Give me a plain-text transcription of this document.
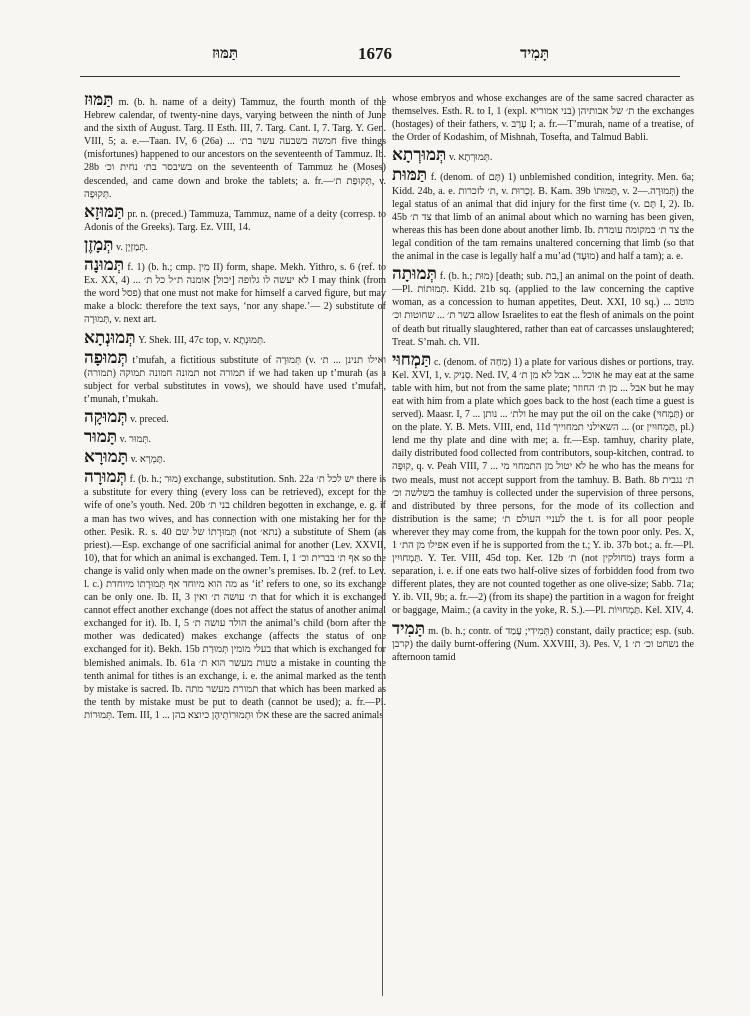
1676
תַּמּוּז	תָּמִיד

תַּמּוּז m. (b. h. name of a deity) Tammuz, the fourth month of the Hebrew calendar, of twenty-nine days, varying between the ninth of June and the sixth of August. Targ. II Esth. III, 7. Targ. Cant. I, 7. Targ. Y. Gen. VIII, 5; a. e.—Taan. IV, 6 (26a) ... חמשה בשבעה עשר בת׳ five things (misfortunes) happened to our ancestors on the seventeenth of Tammuz. Ib. 28b בשיבסר בת׳ נחית וכ׳ on the seventeenth of Tammuz he (Moses) descended, and came down and broke the tablets; a. fr.—תְּקוּפַת ת׳, v. תְּקוּפָה.

תַּמּוּזָא pr. n. (preced.) Tammuza, Tammuz, name of a deity (corresp. to Adonis of the Greeks). Targ. Ez. VIII, 14.

תְּמָזֶן v. תְּמַזְיָן.

תְּמוּנָה f. 1) (b. h.; cmp. מִין II) form, shape. Mekh. Yithro, s. 6 (ref. to Ex. XX, 4) ... לא יעשה לו גלופה [יכול] אומנה ת״ל כל ת׳ I may think (from the word פסל) that one must not make for himself a carved figure, but may make a block: therefore the text says, ‘nor any shape.’— 2) substitute of תְּמוּרָה, v. next art.

תְּמוּנְתָא Y. Shek. III, 47c top, v. תְּמוּנְתָא.

תְּמוּפָה t’mufah, a fictitious substitute of תְּמוּרָה (v. ואילו תנינן ... ת׳ תמונה חמונה תמוקה (תמורה) not תמורה if we had taken up t’murah (as a subject for verbal substitutes in vows), we should have used t’mufah, t’munah, t’mukah.

תְּמוּקָה v. preced.

תָּמוּר v. תְּמוּר.

תָּמוּרָא v. תָּמְרָא.

תְּמוּרָה f. (b. h.; מוּר) exchange, substitution. Snh. 22a יש לכל ת׳ there is a substitute for every thing (every loss can be retrieved), except for the wife of one’s youth. Ned. 20b בני ת׳ children begotten in exchange, e. g. if a man has two wives, and has connection with one mistaking her for the other. Pesik. R. s. 40 תְּמוּרָתוֹ של שם (not נתא׳) a substitute of Shem (as priest).—Esp. exchange of one sacrificial animal for another (Lev. XXVII, 10), that for which an animal is exchanged. Tem. I, 1 אף ת׳ בברית וכ׳ so the change is valid only when made on the owner’s premises. Ib. 2 (ref. to Lev. l. c.) מה הוא מיוחד אף תְּמוּרָתוֹ מיוחדת as ‘it’ refers to one, so its exchange can be only one. Ib. II, 3 ת׳ עושה ת׳ ואין that for which it is exchanged cannot effect another exchange (does not affect the status of another animal exchanged for it). Ib. I, 5 הולד עושה ת׳ the animal’s child (born after the mother was dedicated) makes exchange (affects the status of one exchanged for it). Bekh. 15b בעלי מומין תְּמוּרַת that which is exchanged for blemished animals. Ib. 61a טעות מעשר הוא ת׳ a mistake in counting the tenth animal for tithes is an exchange, i. e. the animal marked as the tenth by mistake is sacred. Ib. תמורת מעשר מתה that which has been marked as the tenth by mistake must be put to death (cannot be used); a. fr.—Pl. תְּמוּרוֹת. Tem. III, 1 ... אלו וּתְמוּרוֹתֵיהֶן כיוצא בהן these are the sacred animals

whose embryos and whose exchanges are of the same sacred character as themselves. Esth. R. to I, 1 (expl. ת׳ של אבותיהן (בני אמוריא the exchanges (hostages) of their fathers, v. עָרַב I; a. fr.—T’murah, name of a treatise, of the Order of Kodashim, of Mishnah, Tosefta, and Talmud Babli.

תְּמוּרְתָא v. תְּמוּרְתָא.

תַּמּוּת f. (denom. of תָּם) 1) unblemished condition, integrity. Men. 6a; Kidd. 24b, a. e. ת׳ לזכרות, v. זָכְרוּת. B. Kam. 39b תַּמּוּתוֹ, v. תְּמוּרָה.—2) the legal status of an animal that did injury for the first time (v. תָּם I, 2). Ib. 45b צד ת׳ that limb of an animal about which no warning has been given, whereas this has been done about another limb. Ib. צד ת׳ במקומה עומדת the legal condition of the tam remains unaltered concerning that limb (so that the animal in the case is legally half a mu’ad (מוּעָד) and half a tam); a. e.

תְּמוּתָה f. (b. h.; מוּת) [death; sub. בת,] an animal on the point of death.—Pl. תְּמוּתוֹת. Kidd. 21b sq. (applied to the law concerning the captive woman, as a concession to human appetites, Deut. XXI, 10 sq.) מוטב ... בשר ת׳ ... שחוטות וכ׳ allow Israelites to eat the flesh of animals on the point of death but ritually slaughtered, rather than eat of carcasses unslaughtered; Treat. S’mah. ch. VII.

תַּמְחוּי c. (denom. of מַחַה) 1) a plate for various dishes or portions, tray. Kel. XVI, 1, v. סְנִיק. Ned. IV, 4 אוכל ... אבל לא מן ת׳ he may eat at the same table with him, but not from the same plate; אבל ... מן ת׳ החוזר but he may eat with him from a plate which goes back to the host (each time a guest is served). Maasr. I, 7 ... ולת׳ ... נותן he may put the oil on the cake (תַּמְחוּי) or on the plate. Y. B. Mets. VIII, end, 11d השאילני תמחוייך ... (or תַּמְחוּיִין, pl.) lend me thy plate and dine with me; a. fr.—Esp. tamhuy, charity plate, daily distributed food collected from contributors, soup-kitchen, contrad. to קוּפָּה, q. v. Peah VIII, 7 ... לא יטול מן התמחוי מי he who has the means for two meals, must not accept support from the tamhuy. B. Bath. 8b ת׳ נגבית בשלשה וכ׳ the tamhuy is collected under the supervision of three persons, and distributed by three persons, for the mode of its collection and distribution is the same; לעניי העולם ת׳ the t. is for all poor people wherever they may come from, the kuppah for the town poor only. Pes. X, 1 אפילו מן הת׳ even if he is supported from the t.; Y. ib. 37b bot.; a. fr.—Pl. תַּמְחוּיִין. Y. Ter. VIII, 45d top. Ker. 12b ת׳ (not מחולקין) trays form a separation, i. e. if one eats two half-olive sizes of forbidden food from two different plates, they are not counted together as one olive-size; Sabb. 71a; Y. ib. VII, 9b; a. fr.—2) (from its shape) the partition in a wagon for freight or baggage, Maim.; (a cavity in the yoke, R. S.).—Pl. תַּמְחוּיוֹת. Kel. XIV, 4.

תָּמִיד m. (b. h.; contr. of תְּמִידִי; עָמַד) constant, daily practice; esp. (sub. קרבן) the daily burnt-offering (Num. XXVIII, 3). Pes. V, 1 נשחט וכ׳ ת׳ the afternoon tamid
